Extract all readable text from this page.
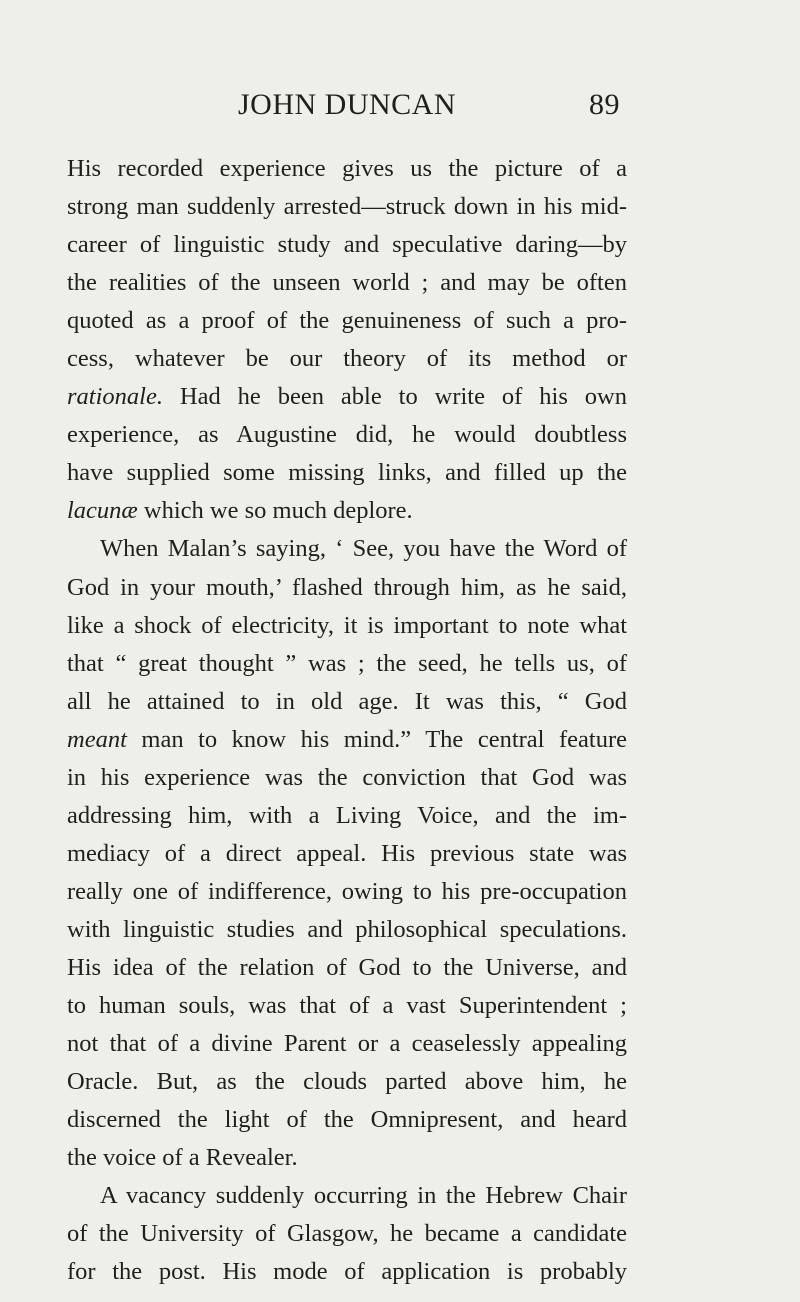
JOHN DUNCAN	89
His recorded experience gives us the picture of a
strong man suddenly arrested—struck down in his mid-
career of linguistic study and speculative daring—by
the realities of the unseen world ; and may be often
quoted as a proof of the genuineness of such a pro-
cess, whatever be our theory of its method or
rationale. Had he been able to write of his own
experience, as Augustine did, he would doubtless
have supplied some missing links, and filled up the
lacunæ which we so much deplore.
When Malan’s saying, ‘ See, you have the Word of
God in your mouth,’ flashed through him, as he said,
like a shock of electricity, it is important to note what
that “ great thought ” was ; the seed, he tells us, of
all he attained to in old age. It was this, “ God
meant man to know his mind.” The central feature
in his experience was the conviction that God was
addressing him, with a Living Voice, and the im-
mediacy of a direct appeal. His previous state was
really one of indifference, owing to his pre-occupation
with linguistic studies and philosophical speculations.
His idea of the relation of God to the Universe, and
to human souls, was that of a vast Superintendent ;
not that of a divine Parent or a ceaselessly appealing
Oracle. But, as the clouds parted above him, he
discerned the light of the Omnipresent, and heard
the voice of a Revealer.
A vacancy suddenly occurring in the Hebrew Chair
of the University of Glasgow, he became a candidate
for the post. His mode of application is probably
